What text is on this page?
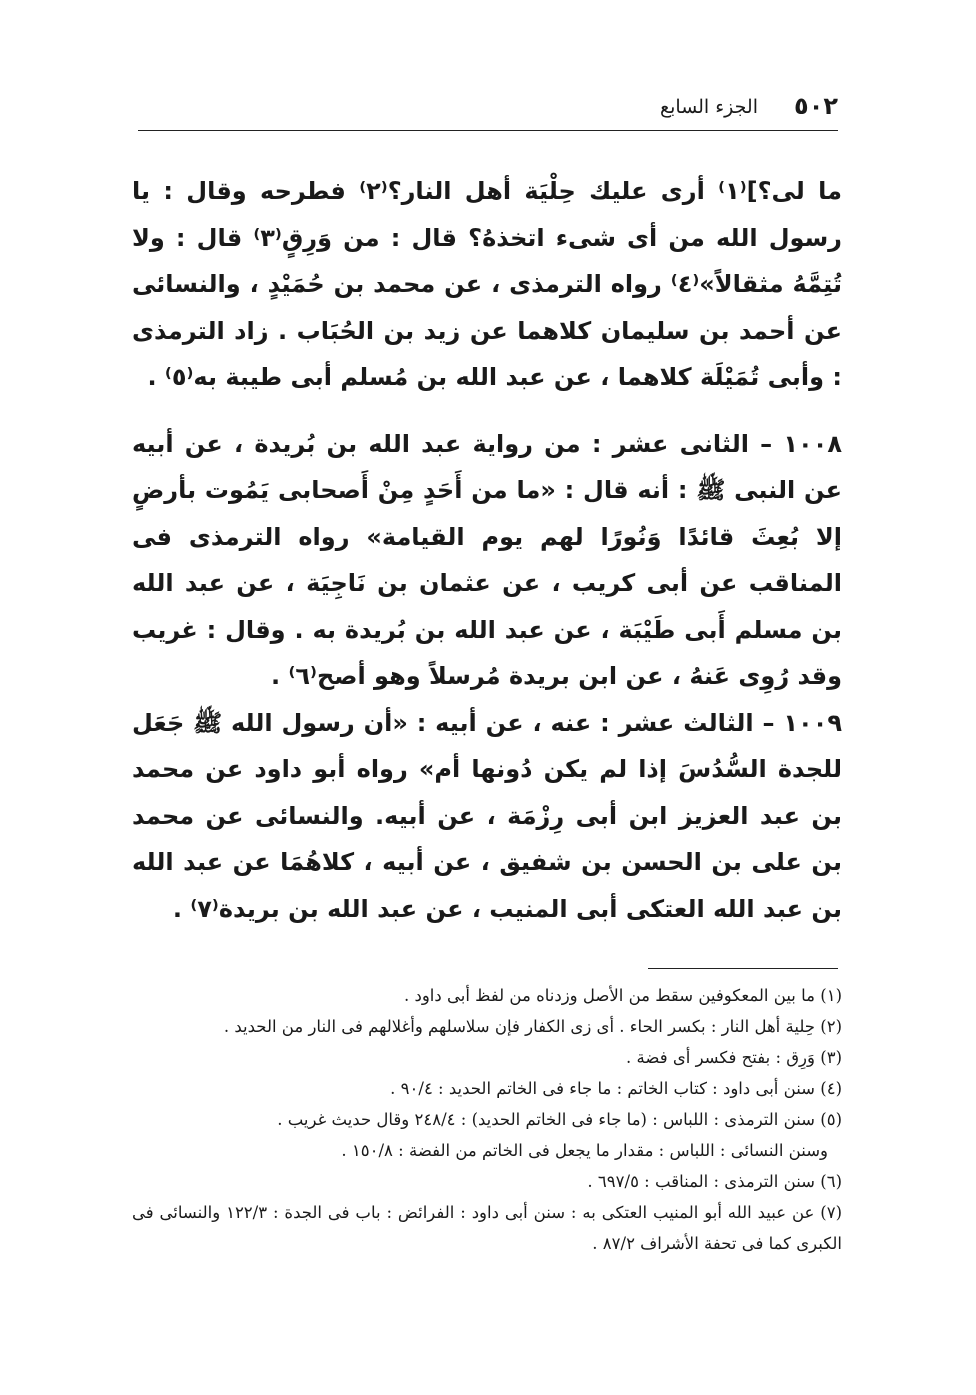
٥٠٢
الجزء السابع

ما لى؟]⁽١⁾ أرى عليك حِلْيَة أهل النار؟⁽٢⁾ فطرحه وقال : يا رسول الله من أى شىء اتخذهُ؟ قال : من وَرِقٍ⁽٣⁾ قال : ولا تُتِمَّهُ مثقالاً»⁽٤⁾ رواه الترمذى ، عن محمد بن حُمَيْدٍ ، والنسائى عن أحمد بن سليمان كلاهما عن زيد بن الحُبَاب . زاد الترمذى : وأبى تُمَيْلَة كلاهما ، عن عبد الله بن مُسلم أبى طيبة به⁽٥⁾ .

١٠٠٨ – الثانى عشر : من رواية عبد الله بن بُريدة ، عن أبيه عن النبى ﷺ : أنه قال : «ما من أَحَدٍ مِنْ أَصحابى يَمُوت بأرضٍ إلا بُعِثَ قائدًا وَنُورًا لهم يوم القيامة» رواه الترمذى فى المناقب عن أبى كريب ، عن عثمان بن نَاجِيَة ، عن عبد الله بن مسلم أَبى طَيْبَة ، عن عبد الله بن بُريدة به . وقال : غريب وقد رُوِى عَنهُ ، عن ابن بريدة مُرسلاً وهو أصح⁽٦⁾ .

١٠٠٩ – الثالث عشر : عنه ، عن أبيه : «أن رسول الله ﷺ جَعَل للجدة السُّدُسَ إذا لم يكن دُونها أم» رواه أبو داود عن محمد بن عبد العزيز ابن أبى رِزْمَة ، عن أبيه. والنسائى عن محمد بن على بن الحسن بن شفيق ، عن أبيه ، كلاهُمَا عن عبد الله بن عبد الله العتكى أبى المنيب ، عن عبد الله بن بريدة⁽٧⁾ .

(١) ما بين المعكوفين سقط من الأصل وزدناه من لفظ أبى داود .

(٢) حِلية أهل النار : بكسر الحاء . أى زى الكفار فإن سلاسلهم وأغلالهم فى النار من الحديد .

(٣) وَرِق : بفتح فكسر أى فضة .

(٤) سنن أبى داود : كتاب الخاتم : ما جاء فى الخاتم الحديد : ٩٠/٤ .

(٥) سنن الترمذى : اللباس : (ما جاء فى الخاتم الحديد) : ٢٤٨/٤ وقال حديث غريب .

وسنن النسائى : اللباس : مقدار ما يجعل فى الخاتم من الفضة : ١٥٠/٨ .

(٦) سنن الترمذى : المناقب : ٦٩٧/٥ .

(٧) عن عبيد الله أبو المنيب العتكى به : سنن أبى داود : الفرائض : باب فى الجدة : ١٢٢/٣ والنسائى فى الكبرى كما فى تحفة الأشراف ٨٧/٢ .
